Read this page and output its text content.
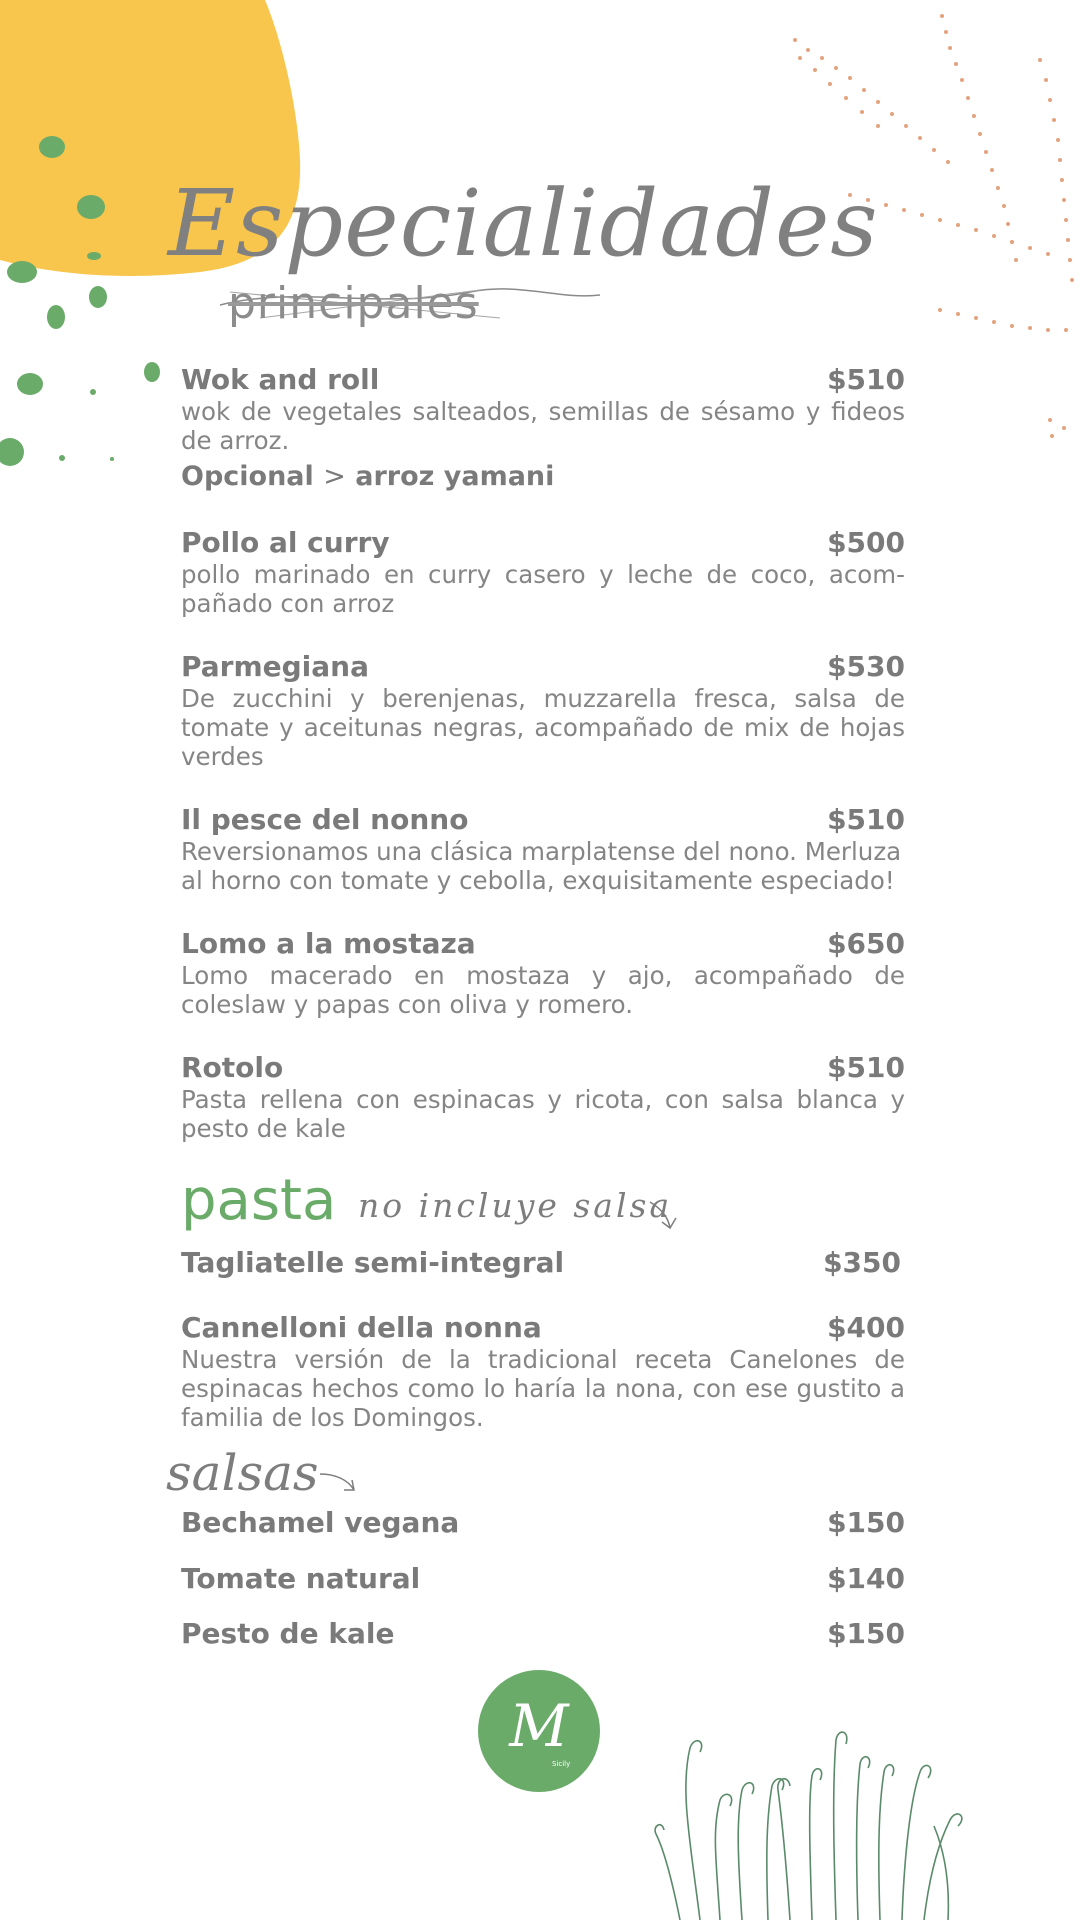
Especialidades
principales
Wok and roll	$510
wok de vegetales salteados, semillas de sésamo y fideos de arroz.
Opcional > arroz yamani
Pollo al curry	$500
pollo marinado en curry casero y leche de coco, acom-pañado con arroz
Parmegiana	$530
De zucchini y berenjenas, muzzarella fresca, salsa de tomate y aceitunas negras, acompañado de mix de hojas verdes
Il pesce del nonno	$510
Reversionamos una clásica marplatense del nono. Merluza al horno con tomate y cebolla, exquisitamente especiado!
Lomo a la mostaza	$650
Lomo macerado en mostaza y ajo, acompañado de coleslaw y papas con oliva y romero.
Rotolo	$510
Pasta rellena con espinacas y ricota, con salsa blanca y pesto de kale
pasta no incluye salsa
Tagliatelle semi-integral	$350
Cannelloni della nonna	$400
Nuestra versión de la tradicional receta Canelones de espinacas hechos como lo haría la nona, con ese gustito a familia de los Domingos.
salsas
Bechamel vegana	$150
Tomate natural	$140
Pesto de kale	$150
M
Sicily
